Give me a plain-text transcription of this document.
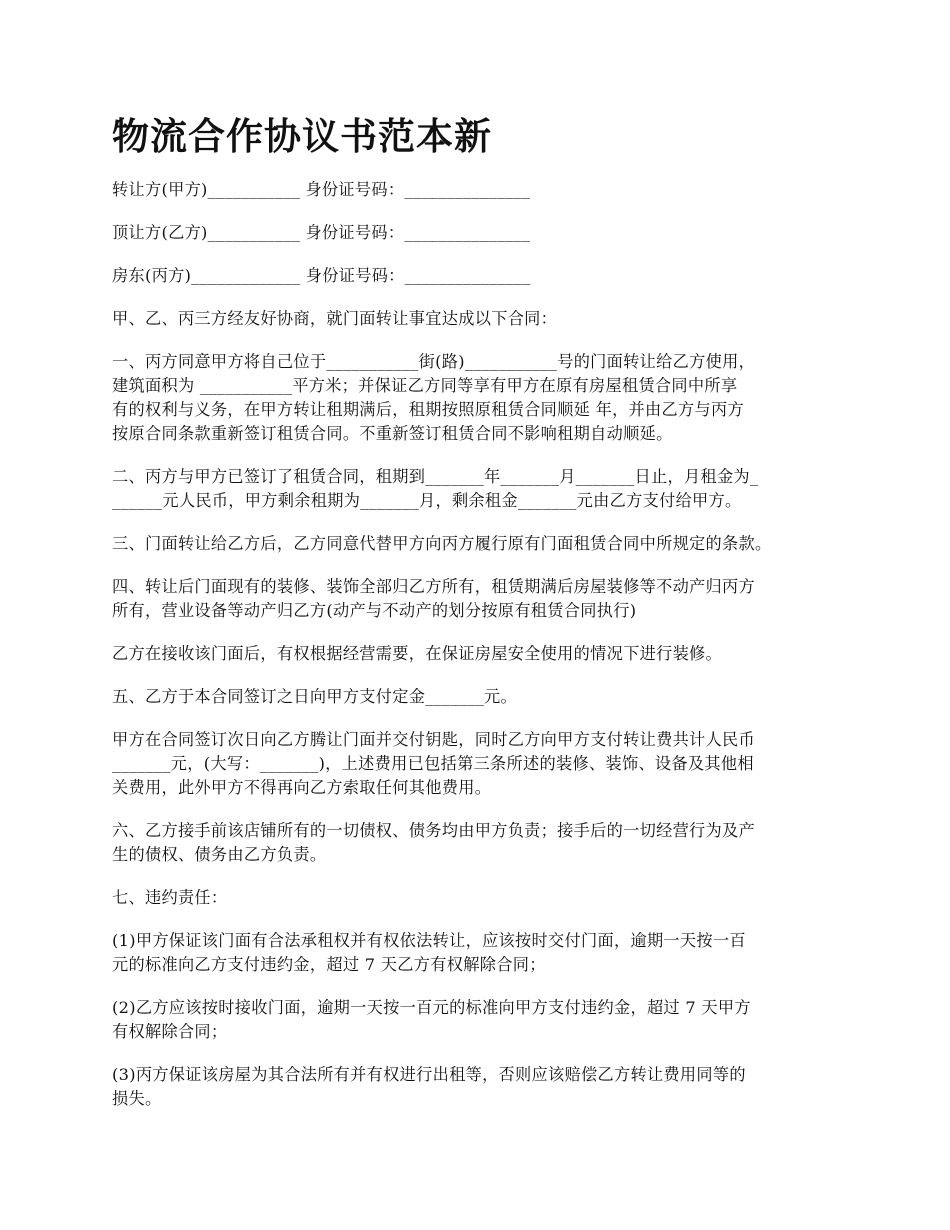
物流合作协议书范本新

转让方(甲方)___________ 身份证号码：_______________

顶让方(乙方)___________ 身份证号码：_______________

房东(丙方)_____________ 身份证号码：_______________

甲、乙、丙三方经友好协商，就门面转让事宜达成以下合同：

一、丙方同意甲方将自己位于___________街(路)___________号的门面转让给乙方使用，
建筑面积为 ___________平方米；并保证乙方同等享有甲方在原有房屋租赁合同中所享
有的权利与义务，在甲方转让租期满后，租期按照原租赁合同顺延 年，并由乙方与丙方
按原合同条款重新签订租赁合同。不重新签订租赁合同不影响租期自动顺延。

二、丙方与甲方已签订了租赁合同，租期到_______年_______月_______日止，月租金为_
______元人民币，甲方剩余租期为_______月，剩余租金_______元由乙方支付给甲方。

三、门面转让给乙方后，乙方同意代替甲方向丙方履行原有门面租赁合同中所规定的条款。

四、转让后门面现有的装修、装饰全部归乙方所有，租赁期满后房屋装修等不动产归丙方
所有，营业设备等动产归乙方(动产与不动产的划分按原有租赁合同执行)

乙方在接收该门面后，有权根据经营需要，在保证房屋安全使用的情况下进行装修。

五、乙方于本合同签订之日向甲方支付定金_______元。

甲方在合同签订次日向乙方腾让门面并交付钥匙，同时乙方向甲方支付转让费共计人民币
_______元，(大写：_______)，上述费用已包括第三条所述的装修、装饰、设备及其他相
关费用，此外甲方不得再向乙方索取任何其他费用。

六、乙方接手前该店铺所有的一切债权、债务均由甲方负责；接手后的一切经营行为及产
生的债权、债务由乙方负责。

七、违约责任：

(1)甲方保证该门面有合法承租权并有权依法转让，应该按时交付门面，逾期一天按一百
元的标准向乙方支付违约金，超过 7 天乙方有权解除合同；

(2)乙方应该按时接收门面，逾期一天按一百元的标准向甲方支付违约金，超过 7 天甲方
有权解除合同；

(3)丙方保证该房屋为其合法所有并有权进行出租等，否则应该赔偿乙方转让费用同等的
损失。
